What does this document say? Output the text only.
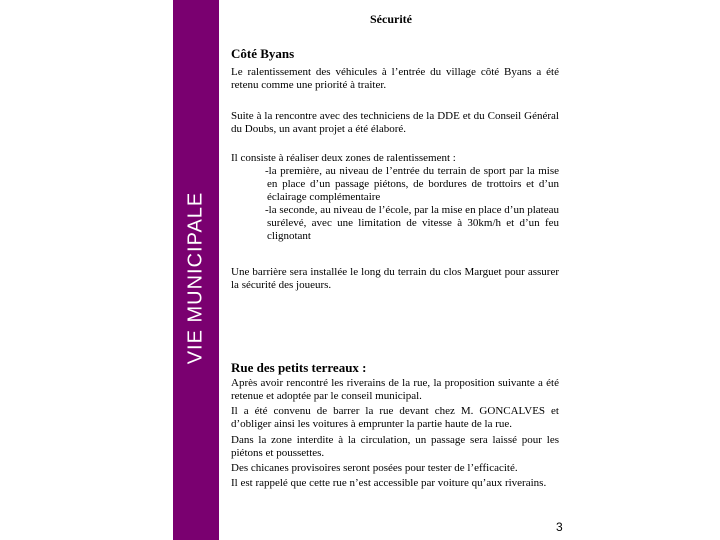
VIE MUNICIPALE
Sécurité
Côté Byans
Le ralentissement des véhicules à l’entrée du village côté Byans a été retenu comme une priorité à traiter.
Suite à la rencontre avec des techniciens de la DDE et du Conseil Général du Doubs, un avant projet a été élaboré.
Il consiste à réaliser deux zones de ralentissement :
-la première, au niveau de l’entrée du terrain de sport par la mise en place d’un passage piétons, de bordures de trottoirs et d’un éclairage complémentaire
-la seconde, au niveau de l’école, par la mise en place d’un plateau surélevé, avec une limitation de vitesse à 30km/h et d’un feu clignotant
Une barrière sera installée le long du terrain du clos Marguet pour assurer la sécurité des joueurs.
Rue des petits terreaux :
Après avoir rencontré les riverains de la rue, la proposition suivante a été retenue et adoptée par le conseil municipal.
Il a été convenu de barrer la rue devant chez M. GONCALVES et d’obliger ainsi les voitures à emprunter la partie haute de la rue.
Dans la zone interdite à la circulation, un passage sera laissé pour les piétons et poussettes.
Des chicanes provisoires seront posées pour tester de l’efficacité.
Il est rappelé que cette rue n’est accessible par voiture qu’aux riverains.
3
